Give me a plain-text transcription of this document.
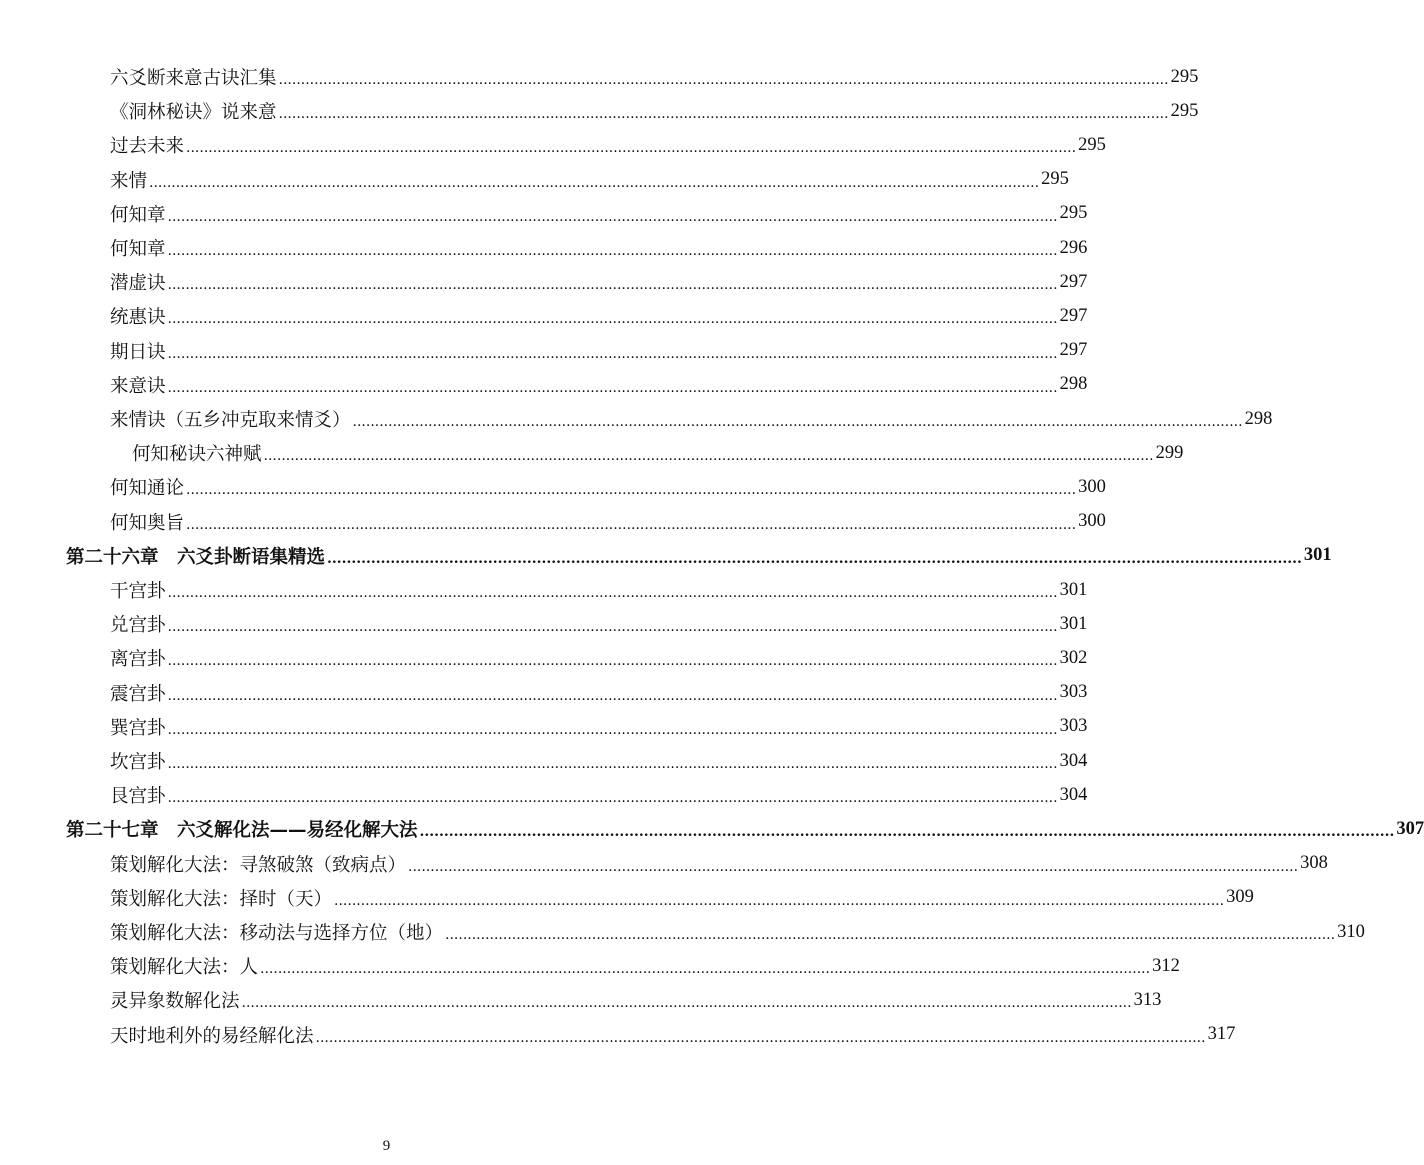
六爻断来意古诀汇集 ........................................................................................................................................................................................................ 295
《洞林秘诀》说来意 ........................................................................................................................................................................................................ 295
过去未来 ........................................................................................................................................................................................................ 295
来情 ........................................................................................................................................................................................................ 295
何知章 ........................................................................................................................................................................................................ 295
何知章 ........................................................................................................................................................................................................ 296
潜虚诀 ........................................................................................................................................................................................................ 297
统惠诀 ........................................................................................................................................................................................................ 297
期日诀 ........................................................................................................................................................................................................ 297
来意诀 ........................................................................................................................................................................................................ 298
来情诀（五乡冲克取来情爻） ........................................................................................................................................................................................................ 298
何知秘诀六神赋 ........................................................................................................................................................................................................ 299
何知通论 ........................................................................................................................................................................................................ 300
何知奥旨 ........................................................................................................................................................................................................ 300
第二十六章　六爻卦断语集精选 ........................................................................................................................................................................................................ 301
干宫卦 ........................................................................................................................................................................................................ 301
兑宫卦 ........................................................................................................................................................................................................ 301
离宫卦 ........................................................................................................................................................................................................ 302
震宫卦 ........................................................................................................................................................................................................ 303
巽宫卦 ........................................................................................................................................................................................................ 303
坎宫卦 ........................................................................................................................................................................................................ 304
艮宫卦 ........................................................................................................................................................................................................ 304
第二十七章　六爻解化法——易经化解大法 ........................................................................................................................................................................................................ 307
策划解化大法：寻煞破煞（致病点） ........................................................................................................................................................................................................ 308
策划解化大法：择时（天） ........................................................................................................................................................................................................ 309
策划解化大法：移动法与选择方位（地） ........................................................................................................................................................................................................ 310
策划解化大法：人 ........................................................................................................................................................................................................ 312
灵异象数解化法 ........................................................................................................................................................................................................ 313
天时地利外的易经解化法 ........................................................................................................................................................................................................ 317
9
